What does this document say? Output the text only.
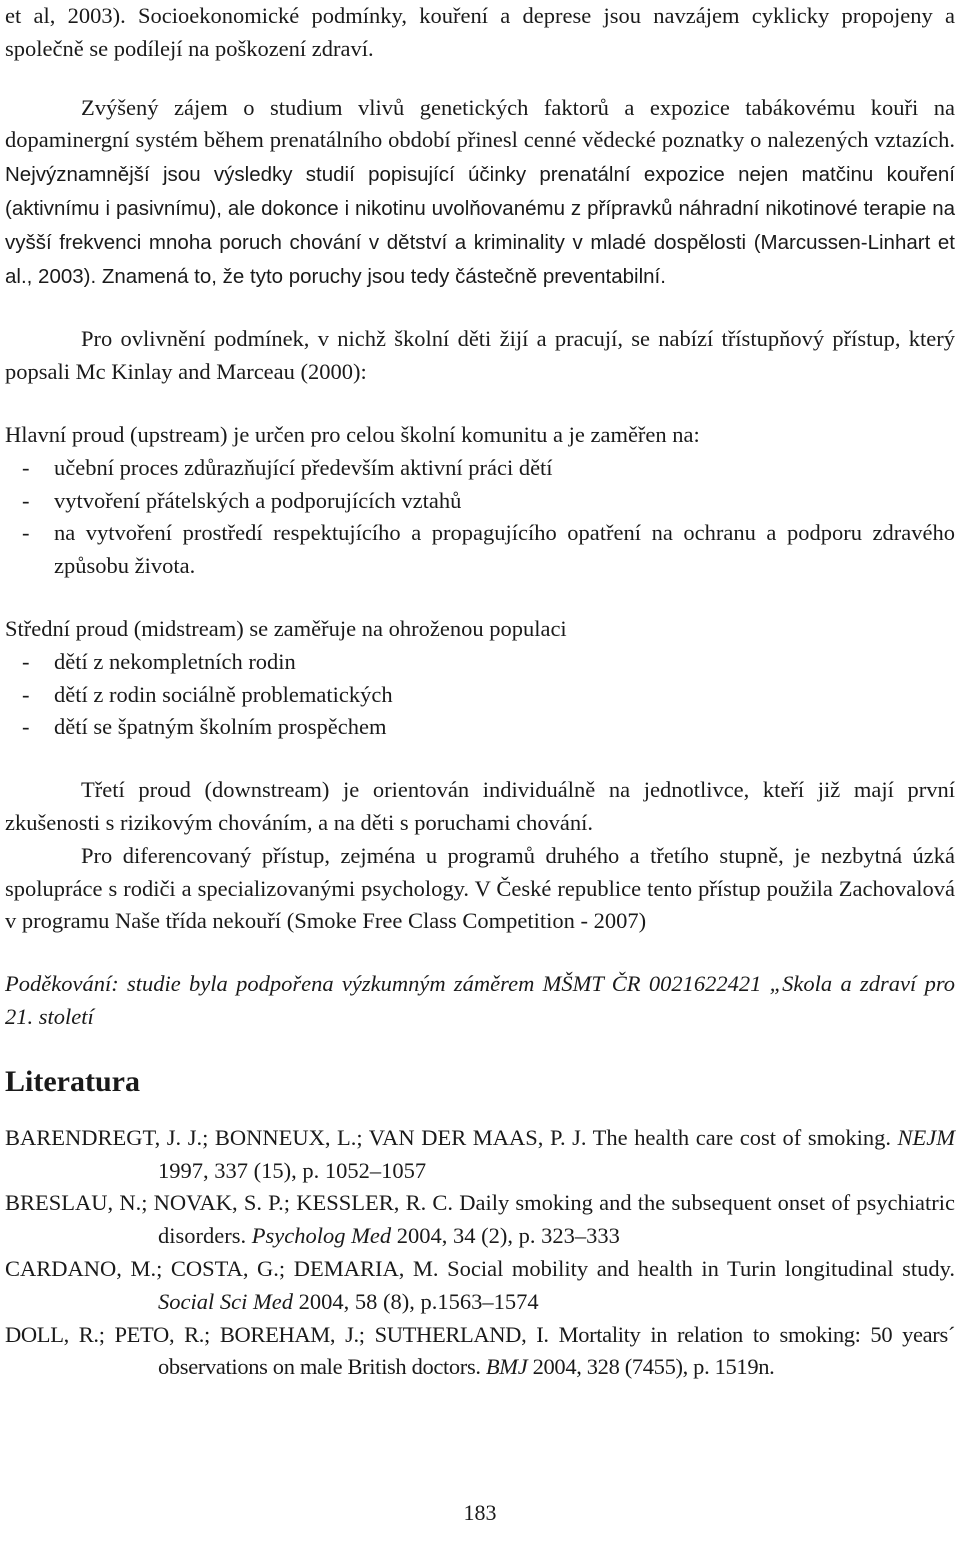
et al, 2003). Socioekonomické podmínky, kouření a deprese jsou navzájem cyklicky propojeny a společně se podílejí na poškození zdraví.

Zvýšený zájem o studium vlivů genetických faktorů a expozice tabákovému kouři na dopaminergní systém během prenatálního období přinesl cenné vědecké poznatky o nalezených vztazích. Nejvýznamnější jsou výsledky studií popisující účinky prenatální expozice nejen matčinu kouření (aktivnímu i pasivnímu), ale dokonce i nikotinu uvolňovanému z přípravků náhradní nikotinové terapie na vyšší frekvenci mnoha poruch chování v dětství a kriminality v mladé dospělosti (Marcussen-Linhart et al., 2003). Znamená to, že tyto poruchy jsou tedy částečně preventabilní.

Pro ovlivnění podmínek, v nichž školní děti žijí a pracují, se nabízí třístupňový přístup, který popsali Mc Kinlay and Marceau (2000):

Hlavní proud (upstream) je určen pro celou školní komunitu a je zaměřen na:

- učební proces zdůrazňující především aktivní práci dětí
- vytvoření přátelských a podporujících vztahů
- na vytvoření prostředí respektujícího a propagujícího opatření na ochranu a podporu zdravého způsobu života.

Střední proud (midstream) se zaměřuje na ohroženou populaci

- dětí z nekompletních rodin
- dětí z rodin sociálně problematických
- dětí se špatným školním prospěchem

Třetí proud (downstream) je orientován individuálně na jednotlivce, kteří již mají první zkušenosti s rizikovým chováním, a na děti s poruchami chování.

Pro diferencovaný přístup, zejména u programů druhého a třetího stupně, je nezbytná úzká spolupráce s rodiči a specializovanými psychology. V České republice tento přístup použila Zachovalová v programu Naše třída nekouří (Smoke Free Class Competition - 2007)

Poděkování: studie byla podpořena výzkumným záměrem MŠMT ČR 0021622421 „Skola a zdraví pro 21. století

Literatura

BARENDREGT, J. J.; BONNEUX, L.; VAN DER MAAS, P. J. The health care cost of smoking. NEJM 1997, 337 (15), p. 1052–1057

BRESLAU, N.; NOVAK, S. P.; KESSLER, R. C. Daily smoking and the subsequent onset of psychiatric disorders. Psycholog Med 2004, 34 (2), p. 323–333

CARDANO, M.; COSTA, G.; DEMARIA, M. Social mobility and health in Turin longitudinal study. Social Sci Med 2004, 58 (8), p.1563–1574

DOLL, R.; PETO, R.; BOREHAM, J.; SUTHERLAND, I. Mortality in relation to smoking: 50 years´ observations on male British doctors. BMJ 2004, 328 (7455), p. 1519n.

183
